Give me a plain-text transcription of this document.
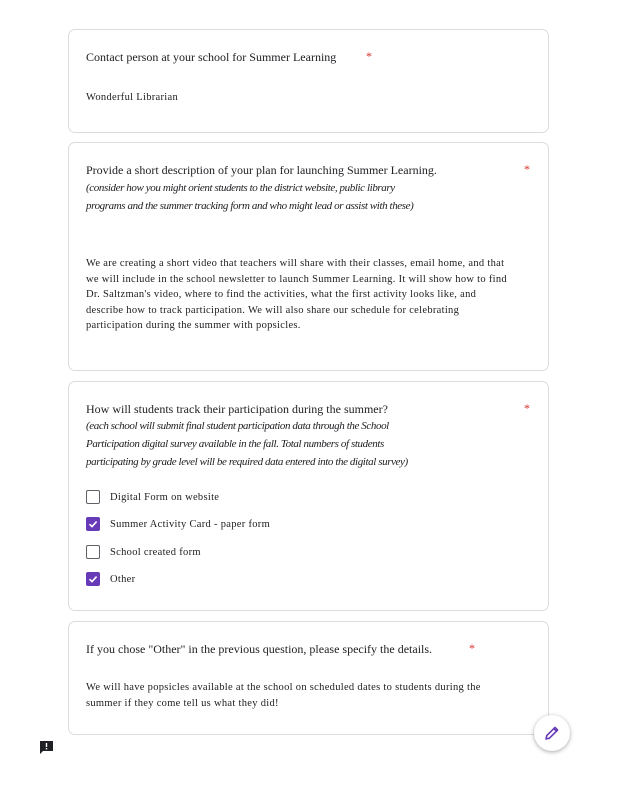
Contact person at your school for Summer Learning	*
Wonderful Librarian
Provide a short description of your plan for launching Summer Learning.	*
(consider how you might orient students to the district website, public library
programs and the summer tracking form and who might lead or assist with these)
We are creating a short video that teachers will share with their classes, email home, and that we will include in the school newsletter to launch Summer Learning. It will show how to find Dr. Saltzman's video, where to find the activities, what the first activity looks like, and describe how to track participation. We will also share our schedule for celebrating participation during the summer with popsicles.
How will students track their participation during the summer?	*
(each school will submit final student participation data through the School
Participation digital survey available in the fall. Total numbers of students
participating by grade level will be required data entered into the digital survey)
Digital Form on website
Summer Activity Card - paper form
School created form
Other
If you chose "Other" in the previous question, please specify the details.	*
We will have popsicles available at the school on scheduled dates to students during the summer if they come tell us what they did!
